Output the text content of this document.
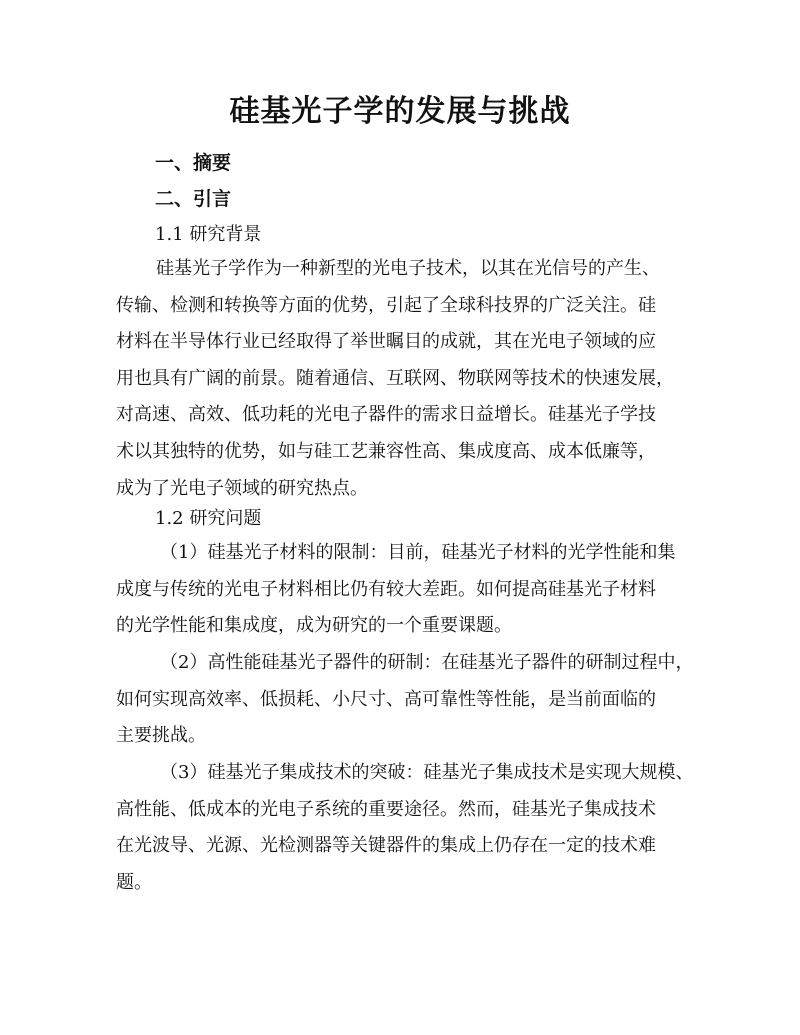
硅基光子学的发展与挑战
一、摘要
二、引言
1.1 研究背景
硅基光子学作为一种新型的光电子技术，以其在光信号的产生、
传输、检测和转换等方面的优势，引起了全球科技界的广泛关注。硅
材料在半导体行业已经取得了举世瞩目的成就，其在光电子领域的应
用也具有广阔的前景。随着通信、互联网、物联网等技术的快速发展，
对高速、高效、低功耗的光电子器件的需求日益增长。硅基光子学技
术以其独特的优势，如与硅工艺兼容性高、集成度高、成本低廉等，
成为了光电子领域的研究热点。
1.2 研究问题
（1）硅基光子材料的限制：目前，硅基光子材料的光学性能和集
成度与传统的光电子材料相比仍有较大差距。如何提高硅基光子材料
的光学性能和集成度，成为研究的一个重要课题。
（2）高性能硅基光子器件的研制：在硅基光子器件的研制过程中，
如何实现高效率、低损耗、小尺寸、高可靠性等性能，是当前面临的
主要挑战。
（3）硅基光子集成技术的突破：硅基光子集成技术是实现大规模、
高性能、低成本的光电子系统的重要途径。然而，硅基光子集成技术
在光波导、光源、光检测器等关键器件的集成上仍存在一定的技术难
题。
